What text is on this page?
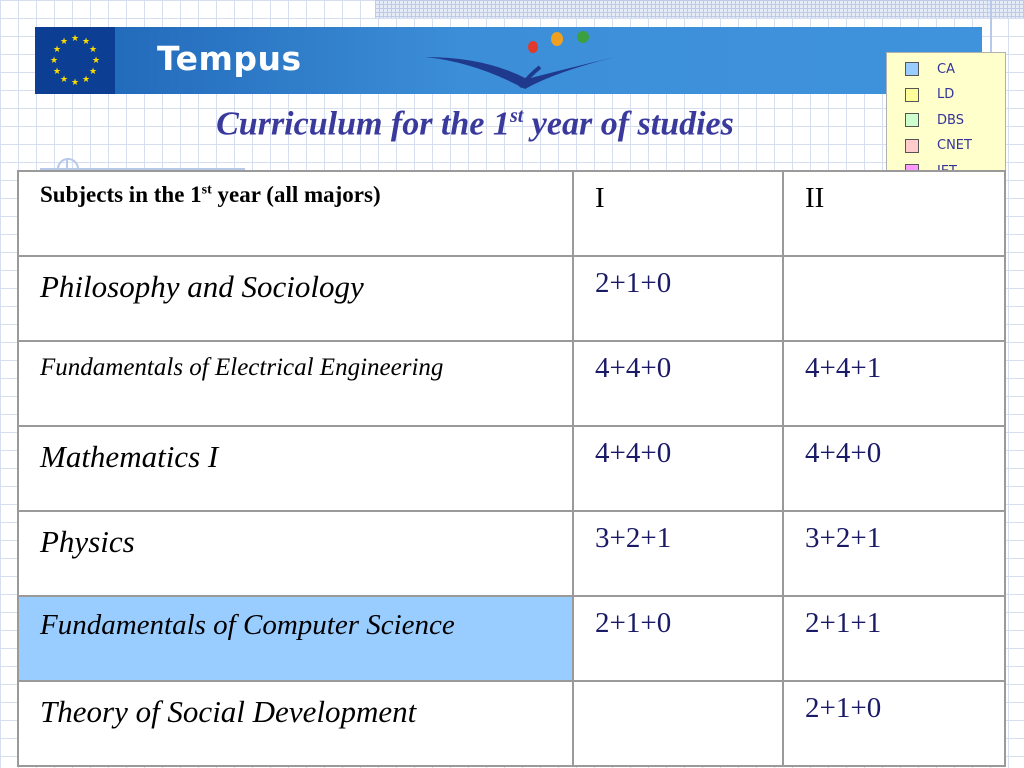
★ ★
★
★
★
★
★
★
★
★
★
★	Tempus	CA
LD
DBS
CNET
Curriculum for the 1st year of studies
Subjects in the 1st year (all majors)	I	II

Philosophy and Sociology	2+1+0	

Fundamentals of Electrical Engineering	4+4+0	4+4+1

Mathematics I	4+4+0	4+4+0

Physics	3+2+1	3+2+1

Fundamentals of Computer Science	2+1+0	2+1+1

Theory of Social Development		2+1+0
